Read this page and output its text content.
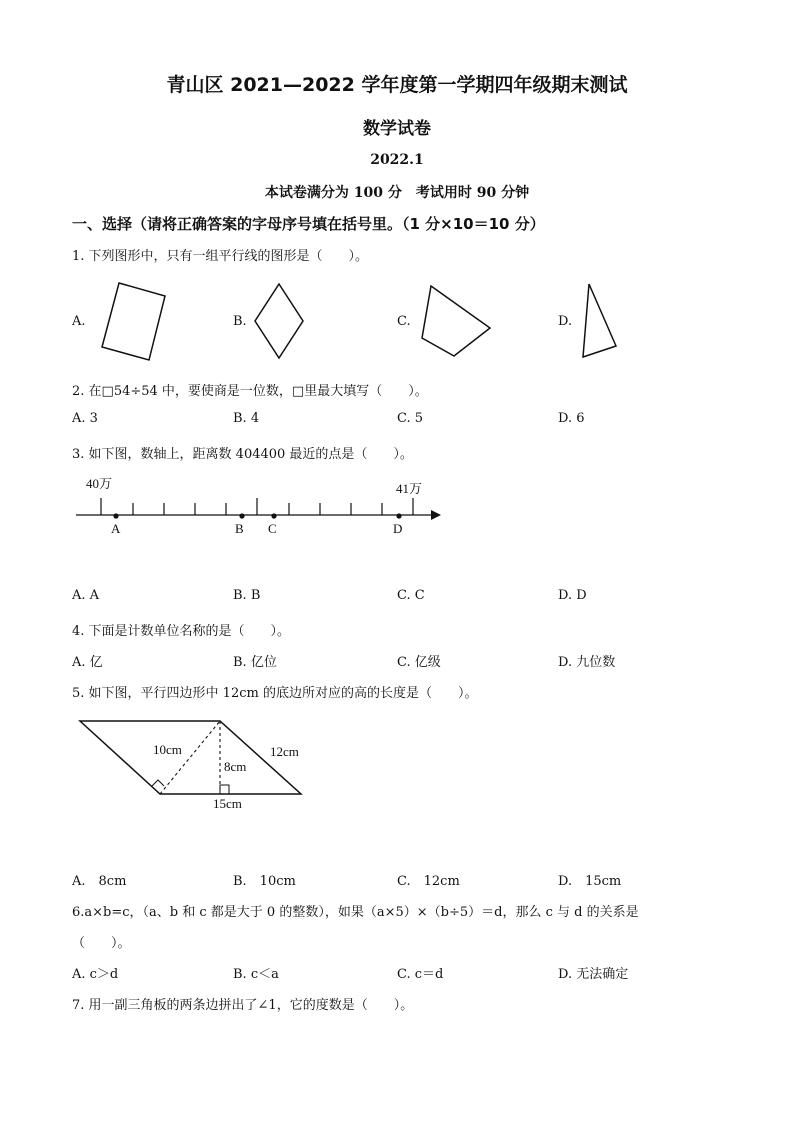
青山区 2021—2022 学年度第一学期四年级期末测试
数学试卷
2022.1
本试卷满分为 100 分　考试用时 90 分钟
一、选择（请将正确答案的字母序号填在括号里。（1 分×10＝10 分）
1. 下列图形中，只有一组平行线的图形是（　　）。
A.	B.	C.	D.
2. 在□54÷54 中，要使商是一位数，□里最大填写（　　）。
A. 3	B. 4	C. 5	D. 6
3. 如下图，数轴上，距离数 404400 最近的点是（　　）。
40万	41万
A	B C	D
A. A	B. B	C. C	D. D
4. 下面是计数单位名称的是（　　）。
A. 亿	B. 亿位	C. 亿级	D. 九位数
5. 如下图，平行四边形中 12cm 的底边所对应的高的长度是（　　）。
10cm
8cm
12cm
15cm
A.　8cm	B.　10cm	C.　12cm	D.　15cm
6.a×b=c，（a、b 和 c 都是大于 0 的整数），如果（a×5）×（b÷5）＝d，那么 c 与 d 的关系是
（　　）。
A. c＞d	B. c＜a	C. c＝d	D. 无法确定
7. 用一副三角板的两条边拼出了∠1，它的度数是（　　）。
